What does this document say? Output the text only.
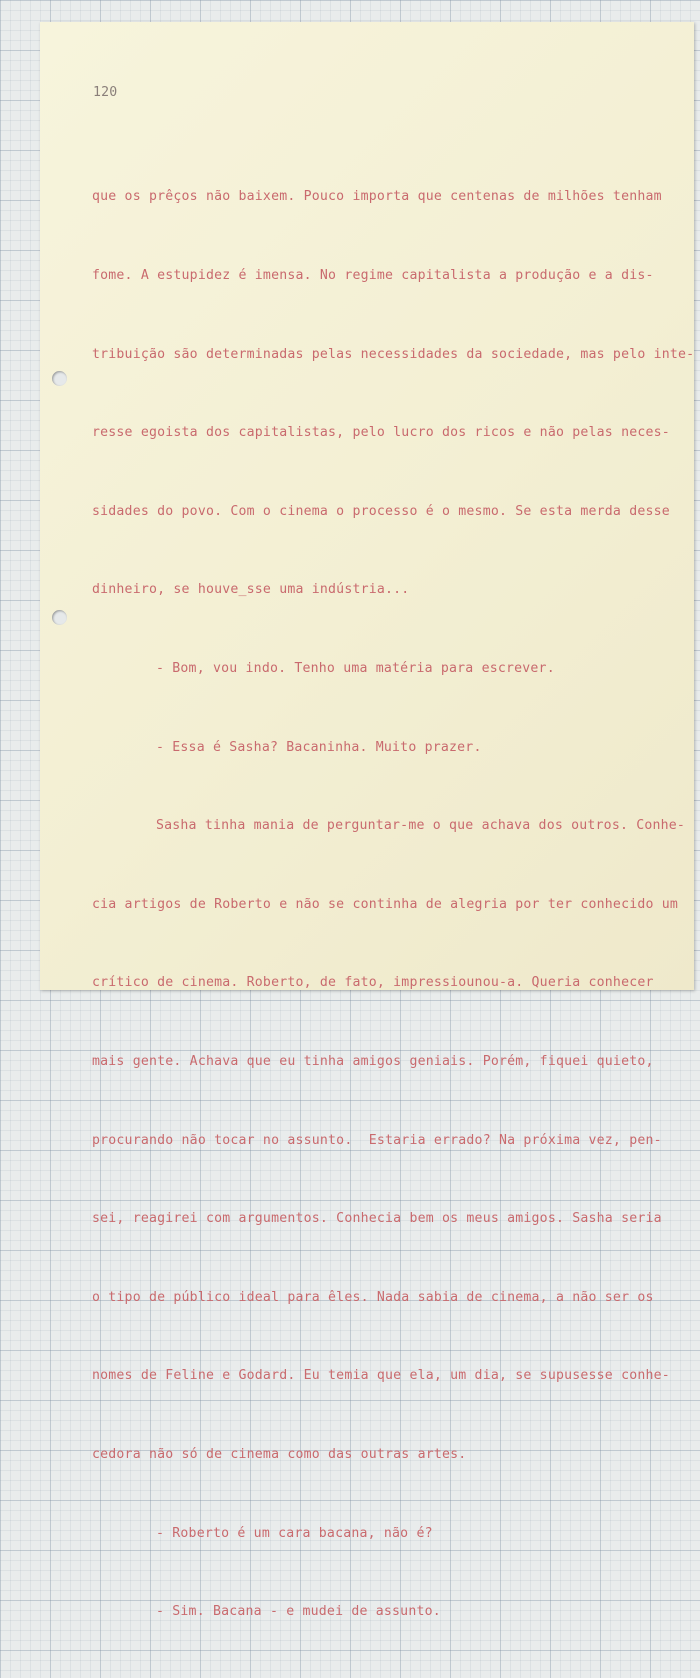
120

que os prêços não baixem. Pouco importa que centenas de milhões tenham

fome. A estupidez é imensa. No regime capitalista a produção e a dis-

tribuição são determinadas pelas necessidades da sociedade, mas pelo inte-

resse egoista dos capitalistas, pelo lucro dos ricos e não pelas neces-

sidades do povo. Com o cinema o processo é o mesmo. Se esta merda desse

dinheiro, se houve_sse uma indústria...

- Bom, vou indo. Tenho uma matéria para escrever.

- Essa é Sasha? Bacaninha. Muito prazer.

Sasha tinha mania de perguntar-me o que achava dos outros. Conhe-

cia artigos de Roberto e não se continha de alegria por ter conhecido um

crítico de cinema. Roberto, de fato, impressiounou-a. Queria conhecer

mais gente. Achava que eu tinha amigos geniais. Porém, fiquei quieto,

procurando não tocar no assunto.  Estaria errado? Na próxima vez, pen-

sei, reagirei com argumentos. Conhecia bem os meus amigos. Sasha seria

o tipo de público ideal para êles. Nada sabia de cinema, a não ser os

nomes de Feline e Godard. Eu temia que ela, um dia, se supusesse conhe-

cedora não só de cinema como das outras artes.

- Roberto é um cara bacana, não é?

- Sim. Bacana - e mudei de assunto.
